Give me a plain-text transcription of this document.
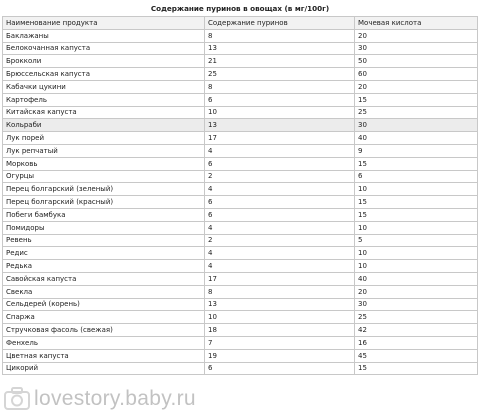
Содержание пуринов в овощах (в мг/100г)		
Наименование продукта	Содержание пуринов	Мочевая кислота
Баклажаны	8	20
Белокочанная капуста	13	30
Брокколи	21	50
Брюссельская капуста	25	60
Кабачки цукини	8	20
Картофель	6	15
Китайская капуста	10	25
Кольраби	13	30
Лук порей	17	40
Лук репчатый	4	9
Морковь	6	15
Огурцы	2	6
Перец болгарский (зеленый)	4	10
Перец болгарский (красный)	6	15
Побеги бамбука	6	15
Помидоры	4	10
Ревень	2	5
Редис	4	10
Редька	4	10
Савойская капуста	17	40
Свекла	8	20
Сельдерей (корень)	13	30
Спаржа	10	25
Стручковая фасоль (свежая)	18	42
Фенхель	7	16
Цветная капуста	19	45
Цикорий	6	15
lovestory.baby.ru
